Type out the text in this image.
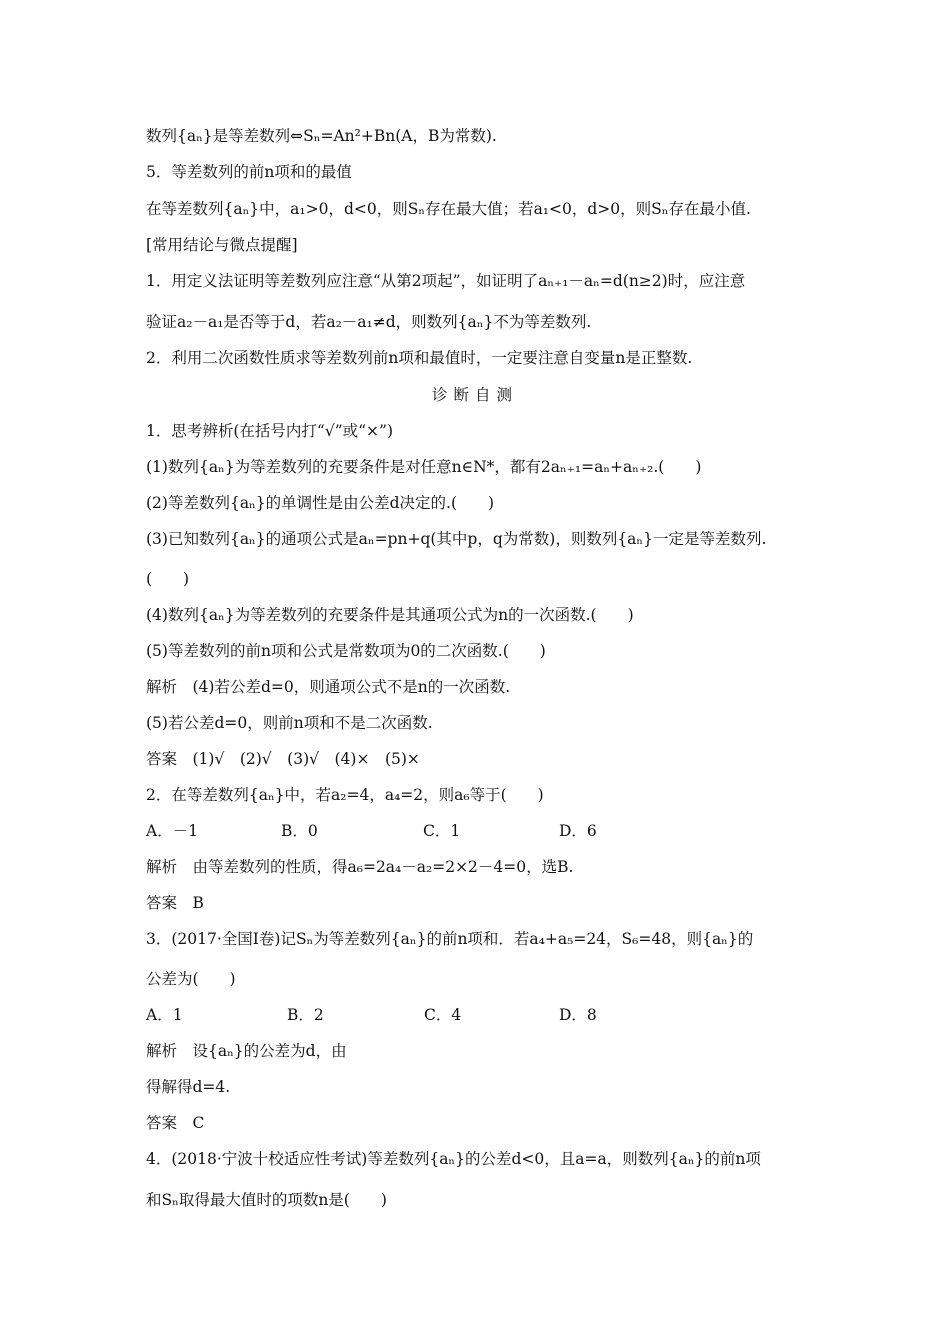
数列{aₙ}是等差数列⇔Sₙ=An²+Bn(A，B为常数).
5．等差数列的前n项和的最值
在等差数列{aₙ}中，a₁>0，d<0，则Sₙ存在最大值；若a₁<0，d>0，则Sₙ存在最小值.
[常用结论与微点提醒]
1．用定义法证明等差数列应注意“从第2项起”，如证明了aₙ₊₁－aₙ=d(n≥2)时，应注意
验证a₂－a₁是否等于d，若a₂－a₁≠d，则数列{aₙ}不为等差数列.
2．利用二次函数性质求等差数列前n项和最值时，一定要注意自变量n是正整数.
诊断自测
1．思考辨析(在括号内打“√”或“×”)
(1)数列{aₙ}为等差数列的充要条件是对任意n∈N*，都有2aₙ₊₁=aₙ+aₙ₊₂.(　　)
(2)等差数列{aₙ}的单调性是由公差d决定的.(　　)
(3)已知数列{aₙ}的通项公式是aₙ=pn+q(其中p，q为常数)，则数列{aₙ}一定是等差数列.
(　　)
(4)数列{aₙ}为等差数列的充要条件是其通项公式为n的一次函数.(　　)
(5)等差数列的前n项和公式是常数项为0的二次函数.(　　)
解析　(4)若公差d=0，则通项公式不是n的一次函数.
(5)若公差d=0，则前n项和不是二次函数.
答案　(1)√　(2)√　(3)√　(4)×　(5)×
2．在等差数列{aₙ}中，若a₂=4，a₄=2，则a₆等于(　　)
A．－1	B．0	C．1	D．6
解析　由等差数列的性质，得a₆=2a₄－a₂=2×2－4=0，选B.
答案　B
3．(2017·全国Ⅰ卷)记Sₙ为等差数列{aₙ}的前n项和．若a₄+a₅=24，S₆=48，则{aₙ}的
公差为(　　)
A．1	B．2	C．4	D．8
解析　设{aₙ}的公差为d，由
得解得d=4.
答案　C
4．(2018·宁波十校适应性考试)等差数列{aₙ}的公差d<0，且a=a，则数列{aₙ}的前n项
和Sₙ取得最大值时的项数n是(　　)
